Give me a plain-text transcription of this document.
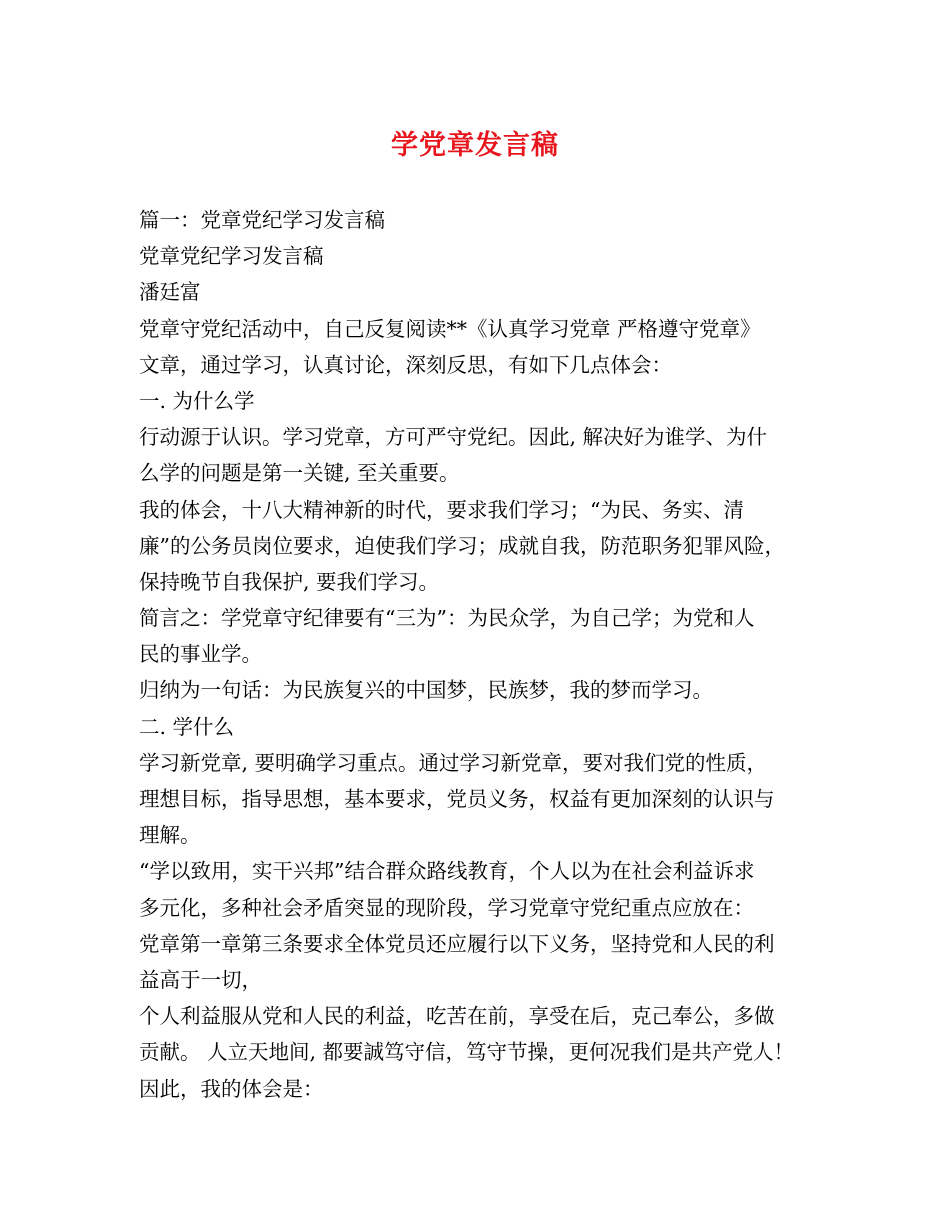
学党章发言稿
篇一：党章党纪学习发言稿
党章党纪学习发言稿
潘廷富
党章守党纪活动中，自己反复阅读**《认真学习党章 严格遵守党章》
文章，通过学习，认真讨论，深刻反思，有如下几点体会：
一. 为什么学
行动源于认识。学习党章，方可严守党纪。因此, 解决好为谁学、为什
么学的问题是第一关键, 至关重要。
我的体会，十八大精神新的时代，要求我们学习；“为民、务实、清
廉”的公务员岗位要求，迫使我们学习；成就自我，防范职务犯罪风险，
保持晚节自我保护, 要我们学习。
简言之：学党章守纪律要有“三为”：为民众学，为自己学；为党和人
民的事业学。
归纳为一句话：为民族复兴的中国梦，民族梦，我的梦而学习。
二. 学什么
学习新党章, 要明确学习重点。通过学习新党章，要对我们党的性质，
理想目标，指导思想，基本要求，党员义务，权益有更加深刻的认识与
理解。
“学以致用，实干兴邦”结合群众路线教育，个人以为在社会利益诉求
多元化，多种社会矛盾突显的现阶段，学习党章守党纪重点应放在：
党章第一章第三条要求全体党员还应履行以下义务，坚持党和人民的利
益高于一切，
个人利益服从党和人民的利益，吃苦在前，享受在后，克己奉公，多做
贡献。 人立天地间, 都要誠笃守信，笃守节操，更何况我们是共产党人！
因此，我的体会是：
